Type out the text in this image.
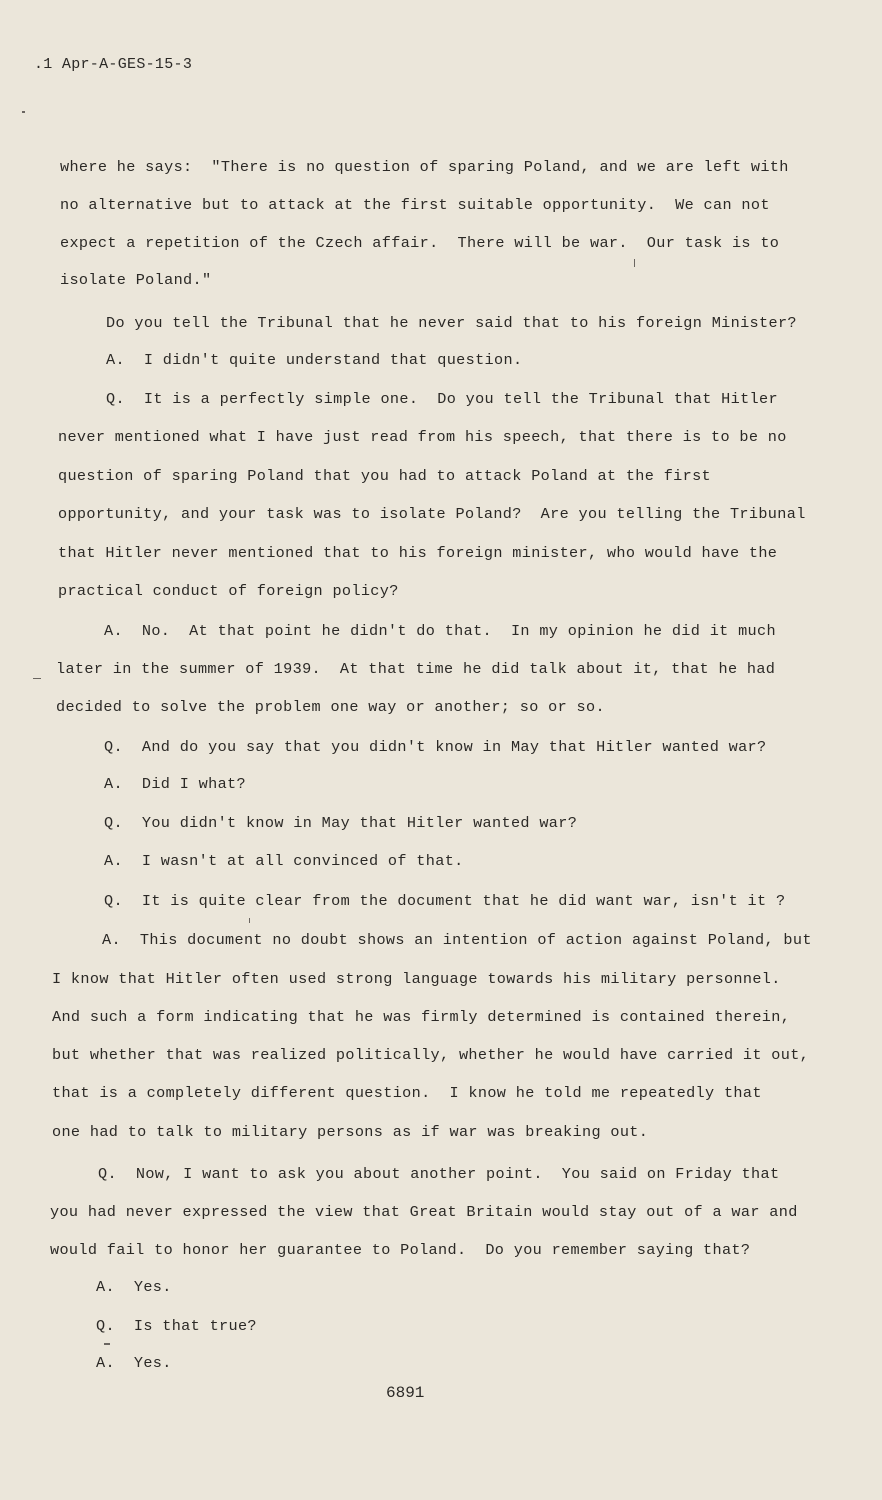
.1 Apr-A-GES-15-3
where he says:  "There is no question of sparing Poland, and we are left with
no alternative but to attack at the first suitable opportunity.  We can not
expect a repetition of the Czech affair.  There will be war.  Our task is to
isolate Poland."
Do you tell the Tribunal that he never said that to his foreign Minister?
A.  I didn't quite understand that question.
Q.  It is a perfectly simple one.  Do you tell the Tribunal that Hitler
never mentioned what I have just read from his speech, that there is to be no
question of sparing Poland that you had to attack Poland at the first
opportunity, and your task was to isolate Poland?  Are you telling the Tribunal
that Hitler never mentioned that to his foreign minister, who would have the
practical conduct of foreign policy?
A.  No.  At that point he didn't do that.  In my opinion he did it much
later in the summer of 1939.  At that time he did talk about it, that he had
decided to solve the problem one way or another; so or so.
Q.  And do you say that you didn't know in May that Hitler wanted war?
A.  Did I what?
Q.  You didn't know in May that Hitler wanted war?
A.  I wasn't at all convinced of that.
Q.  It is quite clear from the document that he did want war, isn't it ?
A.  This document no doubt shows an intention of action against Poland, but
I know that Hitler often used strong language towards his military personnel.
And such a form indicating that he was firmly determined is contained therein,
but whether that was realized politically, whether he would have carried it out,
that is a completely different question.  I know he told me repeatedly that
one had to talk to military persons as if war was breaking out.
Q.  Now, I want to ask you about another point.  You said on Friday that
you had never expressed the view that Great Britain would stay out of a war and
would fail to honor her guarantee to Poland.  Do you remember saying that?
A.  Yes.
Q.  Is that true?
A.  Yes.
6891
